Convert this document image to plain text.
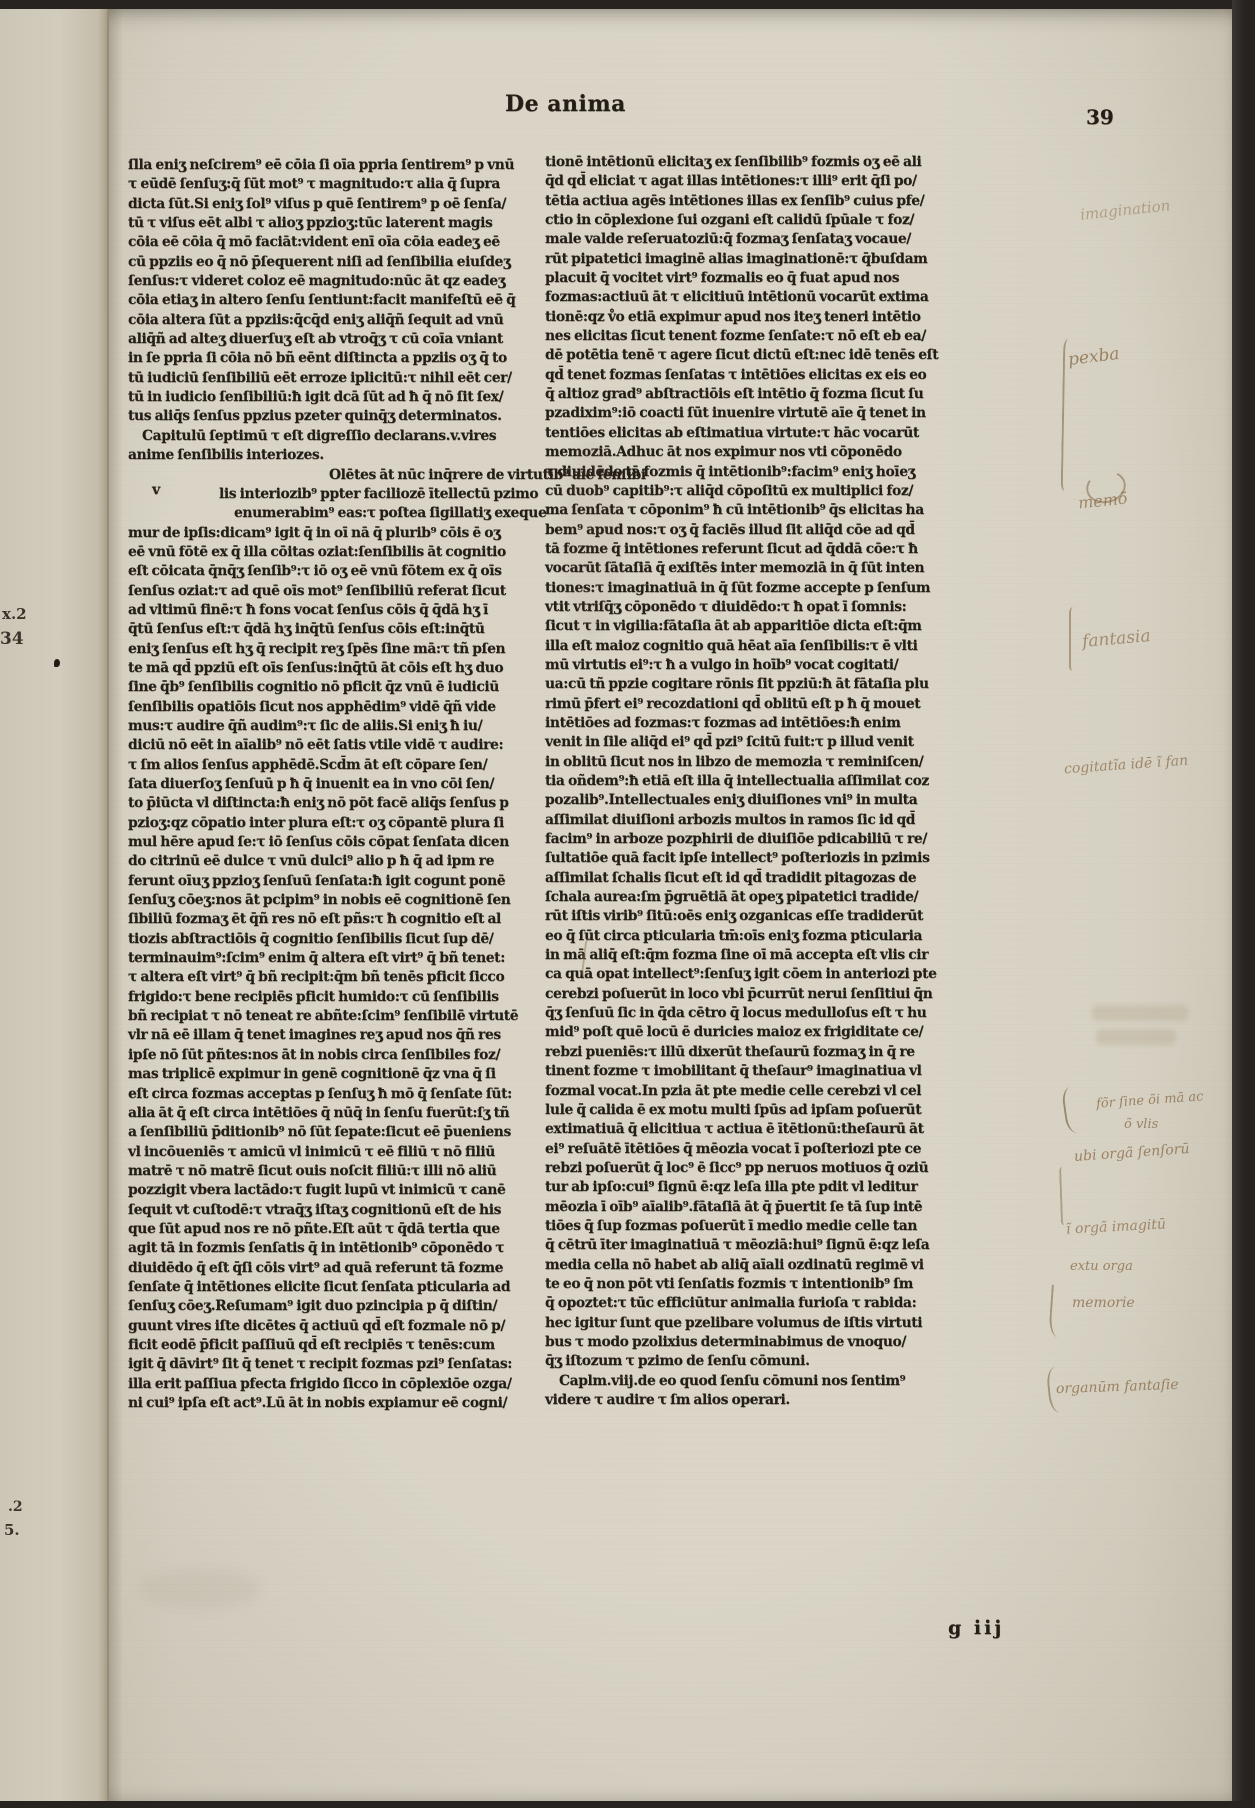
x.2
34
.2
5.
De anima	39
ſlla eniʒ neſcirem⁹ eē cōia ſi oīa ppria ſentirem⁹ p vnū
τ eūdē ſenſuʒ:q̄ ſūt mot⁹ τ magnitudo:τ alia q̄ ſupra
dicta ſūt.Si eniʒ ſol⁹ viſus p quē ſentirem⁹ p oē ſenſa/
tū τ viſus eēt albi τ alioʒ ppzioʒ:tūc laterent magis
cōia eē cōia q̄ mō faciāt:vident enī oīa cōia eadeʒ eē
cū ppziis eo q̄ nō p̄ſequerent niſi ad ſenſibilia eiuſdeʒ
ſenſus:τ videret coloz eē magnitudo:nūc āt qz eadeʒ
cōia etiaʒ in altero ſenſu ſentiunt:facit manifeſtū eē q̄
cōia altera ſūt a ppziis:q̄cq̄d eniʒ aliq̄ñ ſequit ad vnū
aliq̄ñ ad alteʒ diuerſuʒ eſt ab vtroq̄ʒ τ cū coīa vniant
in ſe ppria ſi cōia nō bñ eēnt diſtincta a ppziis oʒ q̄ to
tū iudiciū ſenſibiliū eēt erroze iplicitū:τ nihil eēt cer/
tū in iudicio ſenſibiliū:ħ igit dcā ſūt ad ħ q̄ nō ſit ſex/
tus aliq̄s ſenſus ppzius pzeter quinq̄ʒ determinatos.
Capitulū ſeptimū τ eſt digreſſio declarans.v.vires
anime ſenſibilis interiozes.
Olētes āt nūc inq̄rere de virtutib⁹ aīe ſenſibi
lis interiozib⁹ ppter faciliozē ītellectū pzimo
enumerabim⁹ eas:τ poſtea ſigillatiʒ exeque
mur de ipſis:dicam⁹ igit q̄ in oī nā q̄ plurib⁹ cōis ē oʒ
eē vnū fōtē ex q̄ illa cōitas oziat:ſenſibilis āt cognitio
eſt cōicata q̄nq̄ʒ ſenſib⁹:τ iō oʒ eē vnū fōtem ex q̄ oīs
ſenſus oziat:τ ad quē oīs mot⁹ ſenſibiliū referat ſicut
ad vltimū finē:τ ħ fons vocat ſenſus cōis q̄ q̄dā hʒ ī
q̄tū ſenſus eſt:τ q̄dā hʒ inq̄tū ſenſus cōis eſt:inq̄tū
eniʒ ſenſus eſt hʒ q̄ recipit reʒ ſpēs ſine mā:τ tñ pſen
te mā qd̄ ppziū eſt oīs ſenſus:inq̄tū āt cōis eſt hʒ duo
ſine q̄b⁹ ſenſibilis cognitio nō pficit q̄z vnū ē iudiciū
ſenſibilis opatiōis ſicut nos apphēdim⁹ vidē q̄ñ vide
mus:τ audire q̄ñ audim⁹:τ ſic de aliis.Si eniʒ ħ iu/
diciū nō eēt in aīalib⁹ nō eēt ſatis vtile vidē τ audire:
τ ſm alios ſenſus apphēdē.Scd̄m āt eſt cōpare ſen/
ſata diuerſoʒ ſenſuū p ħ q̄ inuenit ea in vno cōi ſen/
to p̄iūcta vl diſtincta:ħ eniʒ nō pōt facē aliq̄s ſenſus p
pzioʒ:qz cōpatio inter plura eſt:τ oʒ cōpantē plura ſi
mul hēre apud ſe:τ iō ſenſus cōis cōpat ſenſata dicen
do citrinū eē dulce τ vnū dulci⁹ alio p ħ q̄ ad ipm re
ferunt oīuʒ ppzioʒ ſenſuū ſenſata:ħ igit cogunt ponē
ſenſuʒ cōeʒ:nos āt pcipim⁹ in nobis eē cognitionē ſen
ſibiliū fozmaʒ ēt q̄ñ res nō eſt pñs:τ ħ cognitio eſt al
tiozis abſtractiōis q̄ cognitio ſenſibilis ſicut ſup dē/
terminauim⁹:ſcim⁹ enim q̄ altera eſt virt⁹ q̄ bñ tenet:
τ altera eſt virt⁹ q̄ bñ recipit:q̄m bñ tenēs pficit ſicco
frigido:τ bene recipiēs pficit humido:τ cū ſenſibilis
bñ recipiat τ nō teneat re abñte:ſcim⁹ ſenſibilē virtutē
vlr nā eē illam q̄ tenet imagines reʒ apud nos q̄ñ res
ipſe nō ſūt pñtes:nos āt in nobis circa ſenſibiles foz/
mas triplicē expimur in genē cognitionē q̄z vna q̄ ſi
eſt circa fozmas acceptas p ſenſuʒ ħ mō q̄ ſenſate ſūt:
alia āt q̄ eſt circa intētiōes q̄ nūq̄ in ſenſu fuerūt:ſʒ tñ
a ſenſibiliū p̄ditionib⁹ nō ſūt ſepate:ſicut eē p̄ueniens
vl incōueniēs τ amicū vl inimicū τ eē filiū τ nō filiū
matrē τ nō matrē ſicut ouis noſcit filiū:τ illi nō aliū
pozzigit vbera lactādo:τ fugit lupū vt inimicū τ canē
ſequit vt cuſtodē:τ vtraq̄ʒ iſtaʒ cognitionū eſt de his
que ſūt apud nos re nō pñte.Eſt aūt τ q̄dā tertia que
agit tā in fozmis ſenſatis q̄ in intētionib⁹ cōponēdo τ
diuidēdo q̄ eſt q̄ſi cōis virt⁹ ad quā referunt tā fozme
ſenſate q̄ intētiones elicite ſicut ſenſata pticularia ad
ſenſuʒ cōeʒ.Reſumam⁹ igit duo pzincipia p q̄ diſtin/
guunt vires iſte dicētes q̄ actiuū qd̄ eſt fozmale nō p/
ficit eodē p̄ficit paſſiuū qd̄ eſt recipiēs τ tenēs:cum
igit q̄ dāvirt⁹ ſit q̄ tenet τ recipit fozmas pzi⁹ ſenſatas:
illa erit paſſiua pfecta frigido ſicco in cōplexiōe ozga/
ni cui⁹ ipſa eſt act⁹.Lū āt in nobis expiamur eē cogni/
tionē intētionū elicitaʒ ex ſenſibilib⁹ fozmis oʒ eē ali
q̄d qd̄ eliciat τ agat illas intētiones:τ illi⁹ erit q̄ſi po/
tētia actiua agēs intētiones illas ex ſenſib⁹ cuius pfe/
ctio in cōplexione ſui ozgani eſt calidū ſpūale τ foz/
male valde reſeruatoziū:q̄ fozmaʒ ſenſataʒ vocaue/
rūt pipatetici imaginē alias imaginationē:τ q̄buſdam
placuit q̄ vocitet virt⁹ fozmalis eo q̄ fuat apud nos
fozmas:actiuū āt τ elicitiuū intētionū vocarūt extima
tionē:qz v̊o etiā expimur apud nos iteʒ teneri intētio
nes elicitas ſicut tenent fozme ſenſate:τ nō eſt eb ea/
dē potētia tenē τ agere ſicut dictū eſt:nec idē tenēs eſt
qd̄ tenet fozmas ſenſatas τ intētiōes elicitas ex eis eo
q̄ altioz grad⁹ abſtractiōis eſt intētio q̄ fozma ſicut ſu
pzadixim⁹:iō coacti ſūt inuenire virtutē aīe q̄ tenet in
tentiōes elicitas ab eſtimatiua virtute:τ hāc vocarūt
memoziā.Adhuc āt nos expimur nos vti cōponēdo
τ diuidēdo tā fozmis q̄ intētionib⁹:facim⁹ eniʒ hoīeʒ
cū duob⁹ capitib⁹:τ aliq̄d cōpoſitū ex multiplici foz/
ma ſenſata τ cōponim⁹ ħ cū intētionib⁹ q̄s elicitas ha
bem⁹ apud nos:τ oʒ q̄ faciēs illud ſit aliq̄d cōe ad qd̄
tā fozme q̄ intētiones referunt ſicut ad q̄ddā cōe:τ ħ
vocarūt ſātaſiā q̄ exiſtēs inter memoziā in q̄ ſūt inten
tiones:τ imaginatiuā in q̄ ſūt fozme accepte p ſenſum
vtit vtriſq̄ʒ cōponēdo τ diuidēdo:τ ħ opat ī ſomnis:
ſicut τ in vigilia:fātaſia āt ab apparitiōe dicta eſt:q̄m
illa eſt maioz cognitio quā hēat aīa ſenſibilis:τ ē vlti
mū virtutis ei⁹:τ ħ a vulgo in hoīb⁹ vocat cogitati/
ua:cū tñ ppzie cogitare rōnis ſit ppziū:ħ āt fātaſia plu
rimū p̄fert ei⁹ recozdationi qd̄ oblitū eſt p ħ q̄ mouet
intētiōes ad fozmas:τ fozmas ad intētiōes:ħ enim
venit in ſile aliq̄d ei⁹ qd̄ pzi⁹ ſcitū fuit:τ p illud venit
in oblitū ſicut nos in libzo de memozia τ reminiſcen/
tia oñdem⁹:ħ etiā eſt illa q̄ intellectualia aſſimilat coz
pozalib⁹.Intellectuales eniʒ diuiſiones vni⁹ in multa
aſſimilat diuiſioni arbozis multos in ramos ſic id qd̄
facim⁹ in arboze pozphirii de diuiſiōe pdicabiliū τ re/
ſultatiōe quā facit ipſe intellect⁹ poſteriozis in pzimis
aſſimilat ſchalis ſicut eſt id qd̄ tradidit pitagozas de
ſchala aurea:ſm p̄gruētiā āt opeʒ pipatetici tradide/
rūt iſtis virib⁹ ſitū:oēs eniʒ ozganicas eſſe tradiderūt
eo q̄ ſūt circa pticularia tm̄:oīs eniʒ fozma pticularia
in mā aliq̄ eſt:q̄m fozma ſine oī mā accepta eſt vlis cir
ca quā opat intellect⁹:ſenſuʒ igit cōem in anteriozi pte
cerebzi poſuerūt in loco vbi p̄currūt nerui ſenſitiui q̄n
q̄ʒ ſenſuū ſic in q̄da cētro q̄ locus medulloſus eſt τ hu
mid⁹ poſt quē locū ē duricies maioz ex frigiditate ce/
rebzi pueniēs:τ illū dixerūt theſaurū fozmaʒ in q̄ re
tinent fozme τ imobilitant q̄ theſaur⁹ imaginatiua vl
fozmal vocat.In pzia āt pte medie celle cerebzi vl cel
lule q̄ calida ē ex motu multi ſpūs ad ipſam poſuerūt
extimatiuā q̄ elicitiua τ actiua ē ītētionū:theſaurū āt
ei⁹ reſuātē ītētiōes q̄ mēozia vocat ī poſteriozi pte ce
rebzi poſuerūt q̄ loc⁹ ē ſicc⁹ pp neruos motiuos q̄ oziū
tur ab ipſo:cui⁹ ſignū ē:qz leſa illa pte pdit vl leditur
mēozia ī oīb⁹ aīalib⁹.fātaſiā āt q̄ p̄uertit ſe tā ſup intē
tiōes q̄ ſup fozmas poſuerūt ī medio medie celle tan
q̄ cētrū īter imaginatiuā τ mēoziā:hui⁹ ſignū ē:qz leſa
media cella nō habet ab aliq̄ aīali ozdinatū regimē vi
te eo q̄ non pōt vti ſenſatis fozmis τ intentionib⁹ ſm
q̄ opoztet:τ tūc efficiūtur animalia furioſa τ rabida:
hec igitur ſunt que pzelibare volumus de iſtis virtuti
bus τ modo pzolixius determinabimus de vnoquo/
q̄ʒ iſtozum τ pzimo de ſenſu cōmuni.
Caplm.viij.de eo quod ſenſu cōmuni nos ſentim⁹
videre τ audire τ ſm alios operari.
v
g iij
imagination
pexba
memõ
fantasia
cogitatĩa idē ĩ fan
fõr ſine õi mā ac
õ vlis
ubi orgã ſenſorū
ĩ orgã imagitū
extu orga
memorie
organūm fantaſie
